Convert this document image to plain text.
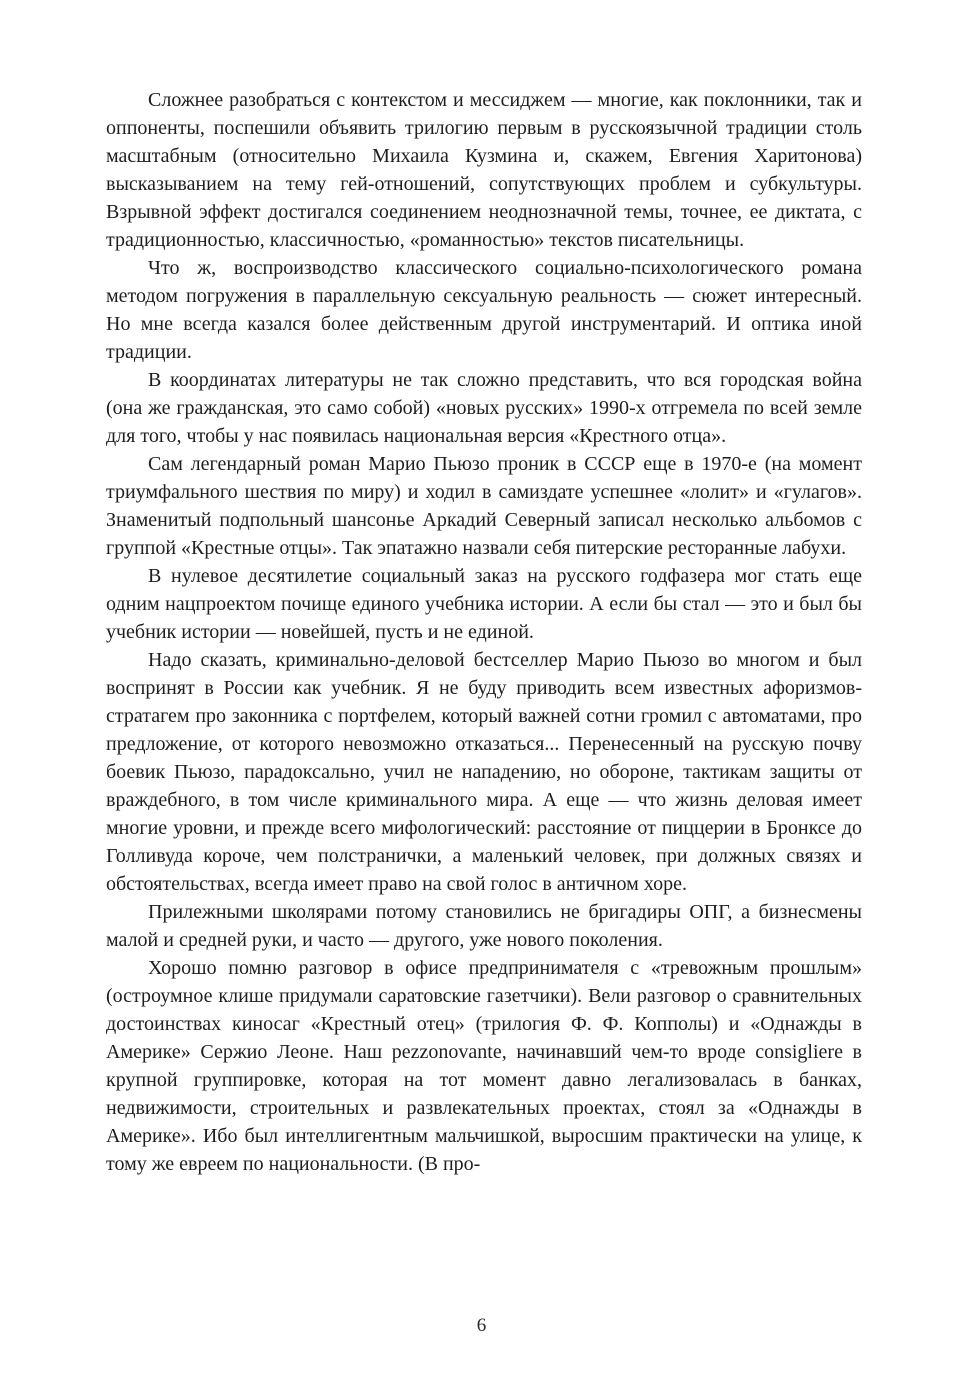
Сложнее разобраться с контекстом и мессиджем — многие, как поклонники, так и оппоненты, поспешили объявить трилогию первым в русскоязычной традиции столь масштабным (относительно Михаила Кузмина и, скажем, Евгения Харитонова) высказыванием на тему гей-отношений, сопутствующих проблем и субкультуры. Взрывной эффект достигался соединением неоднозначной темы, точнее, ее диктата, с традиционностью, классичностью, «романностью» текстов писательницы.

Что ж, воспроизводство классического социально-психологического романа методом погружения в параллельную сексуальную реальность — сюжет интересный. Но мне всегда казался более действенным другой инструментарий. И оптика иной традиции.

В координатах литературы не так сложно представить, что вся городская война (она же гражданская, это само собой) «новых русских» 1990-х отгремела по всей земле для того, чтобы у нас появилась национальная версия «Крестного отца».

Сам легендарный роман Марио Пьюзо проник в СССР еще в 1970-е (на момент триумфального шествия по миру) и ходил в самиздате успешнее «лолит» и «гулагов». Знаменитый подпольный шансонье Аркадий Северный записал несколько альбомов с группой «Крестные отцы». Так эпатажно назвали себя питерские ресторанные лабухи.

В нулевое десятилетие социальный заказ на русского годфазера мог стать еще одним нацпроектом почище единого учебника истории. А если бы стал — это и был бы учебник истории — новейшей, пусть и не единой.

Надо сказать, криминально-деловой бестселлер Марио Пьюзо во многом и был воспринят в России как учебник. Я не буду приводить всем известных афоризмов-стратагем про законника с портфелем, который важней сотни громил с автоматами, про предложение, от которого невозможно отказаться... Перенесенный на русскую почву боевик Пьюзо, парадоксально, учил не нападению, но обороне, тактикам защиты от враждебного, в том числе криминального мира. А еще — что жизнь деловая имеет многие уровни, и прежде всего мифологический: расстояние от пиццерии в Бронксе до Голливуда короче, чем полстранички, а маленький человек, при должных связях и обстоятельствах, всегда имеет право на свой голос в античном хоре.

Прилежными школярами потому становились не бригадиры ОПГ, а бизнесмены малой и средней руки, и часто — другого, уже нового поколения.

Хорошо помню разговор в офисе предпринимателя с «тревожным прошлым» (остроумное клише придумали саратовские газетчики). Вели разговор о сравнительных достоинствах киносаг «Крестный отец» (трилогия Ф. Ф. Копполы) и «Однажды в Америке» Сержио Леоне. Наш pezzonovante, начинавший чем-то вроде consigliere в крупной группировке, которая на тот момент давно легализовалась в банках, недвижимости, строительных и развлекательных проектах, стоял за «Однажды в Америке». Ибо был интеллигентным мальчишкой, выросшим практически на улице, к тому же евреем по национальности. (В про-

6
